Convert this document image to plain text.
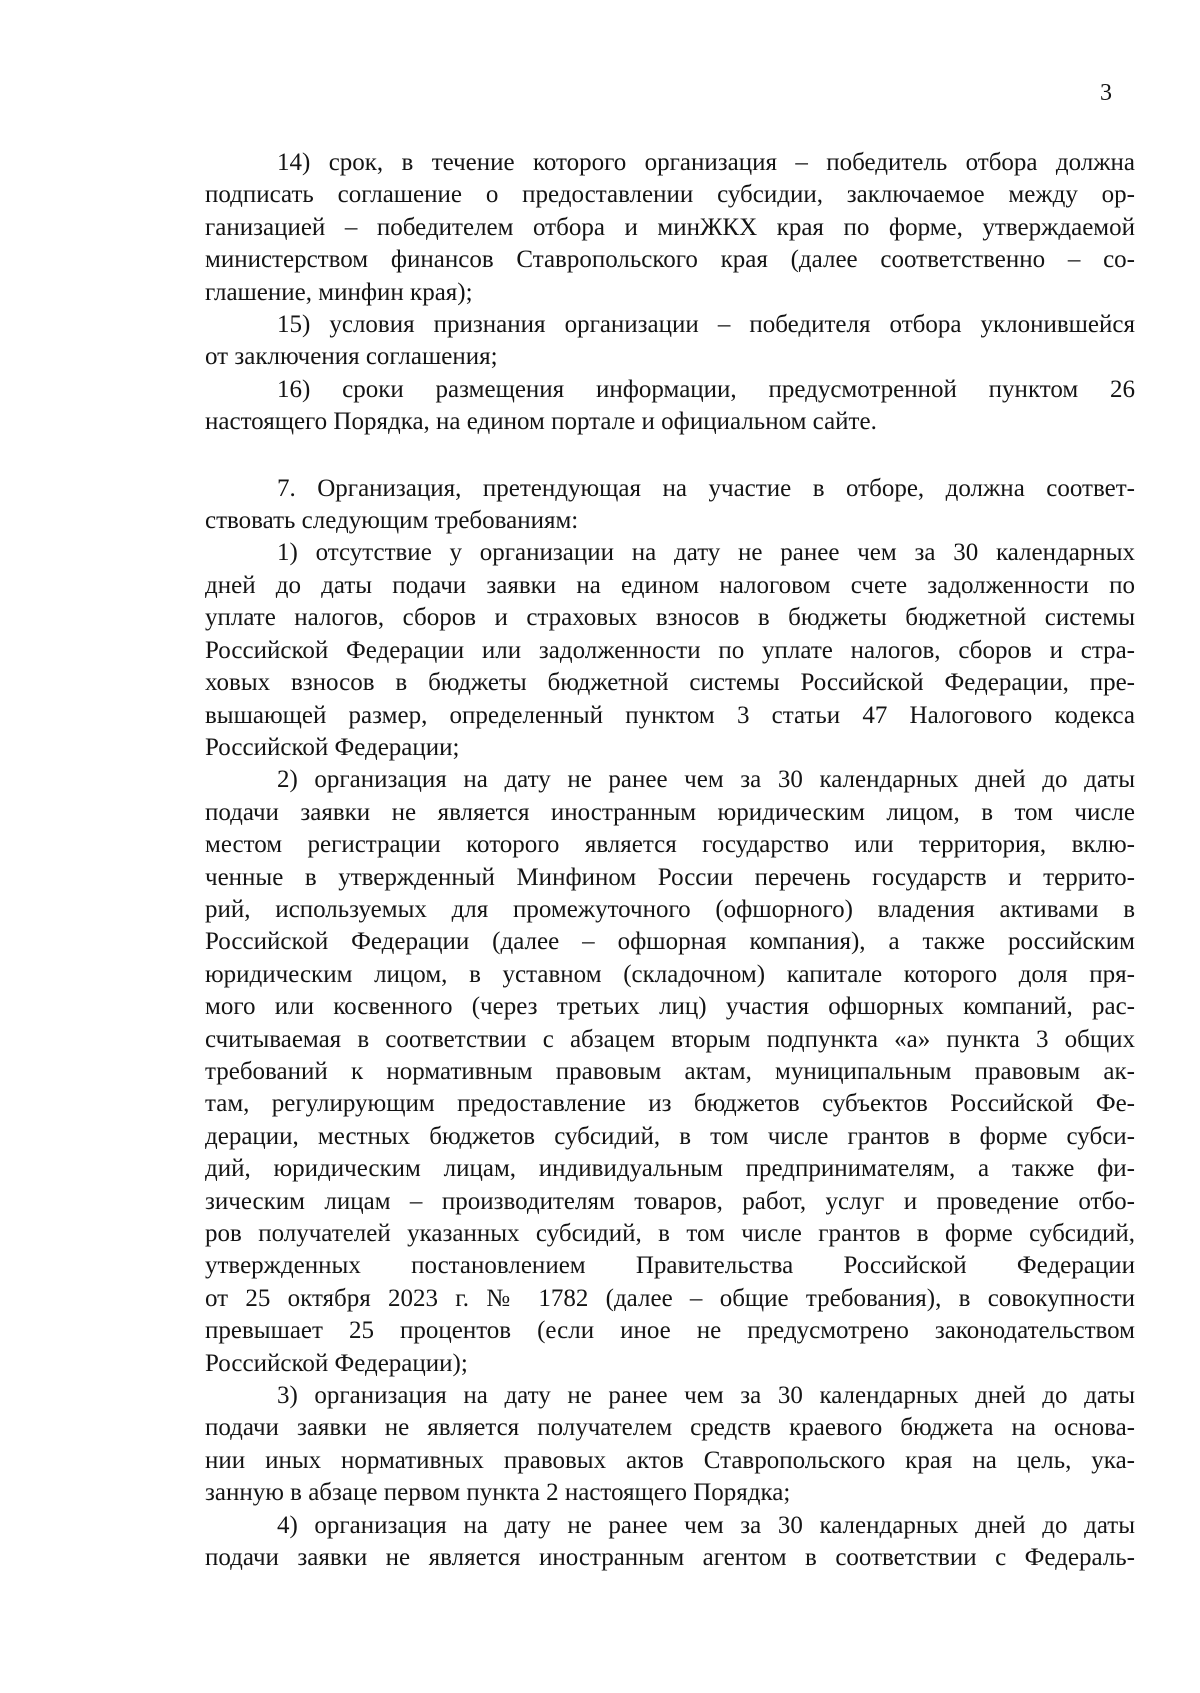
3
14) срок, в течение которого организация – победитель отбора должна
подписать соглашение о предоставлении субсидии, заключаемое между ор-
ганизацией – победителем отбора и минЖКХ края по форме, утверждаемой
министерством финансов Ставропольского края (далее соответственно – со-
глашение, минфин края);
15) условия признания организации – победителя отбора уклонившейся
от заключения соглашения;
16) сроки размещения информации, предусмотренной пунктом 26
настоящего Порядка, на едином портале и официальном сайте.
7. Организация, претендующая на участие в отборе, должна соответ-
ствовать следующим требованиям:
1) отсутствие у организации на дату не ранее чем за 30 календарных
дней до даты подачи заявки на едином налоговом счете задолженности по
уплате налогов, сборов и страховых взносов в бюджеты бюджетной системы
Российской Федерации или задолженности по уплате налогов, сборов и стра-
ховых взносов в бюджеты бюджетной системы Российской Федерации, пре-
вышающей размер, определенный пунктом 3 статьи 47 Налогового кодекса
Российской Федерации;
2) организация на дату не ранее чем за 30 календарных дней до даты
подачи заявки не является иностранным юридическим лицом, в том числе
местом регистрации которого является государство или территория, вклю-
ченные в утвержденный Минфином России перечень государств и террито-
рий, используемых для промежуточного (офшорного) владения активами в
Российской Федерации (далее – офшорная компания), а также российским
юридическим лицом, в уставном (складочном) капитале которого доля пря-
мого или косвенного (через третьих лиц) участия офшорных компаний, рас-
считываемая в соответствии с абзацем вторым подпункта «а» пункта 3 общих
требований к нормативным правовым актам, муниципальным правовым ак-
там, регулирующим предоставление из бюджетов субъектов Российской Фе-
дерации, местных бюджетов субсидий, в том числе грантов в форме субси-
дий, юридическим лицам, индивидуальным предпринимателям, а также фи-
зическим лицам – производителям товаров, работ, услуг и проведение отбо-
ров получателей указанных субсидий, в том числе грантов в форме субсидий,
утвержденных постановлением Правительства Российской Федерации
от 25 октября 2023 г. № 1782 (далее – общие требования), в совокупности
превышает 25 процентов (если иное не предусмотрено законодательством
Российской Федерации);
3) организация на дату не ранее чем за 30 календарных дней до даты
подачи заявки не является получателем средств краевого бюджета на основа-
нии иных нормативных правовых актов Ставропольского края на цель, ука-
занную в абзаце первом пункта 2 настоящего Порядка;
4) организация на дату не ранее чем за 30 календарных дней до даты
подачи заявки не является иностранным агентом в соответствии с Федераль-
